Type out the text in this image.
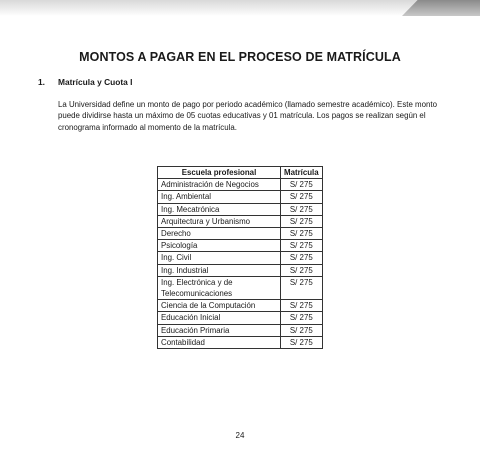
MONTOS A PAGAR EN EL PROCESO DE MATRÍCULA
1. Matrícula y Cuota I
La Universidad define un monto de pago por periodo académico (llamado semestre académico). Este monto puede dividirse hasta un máximo de 05 cuotas educativas y 01 matrícula. Los pagos se realizan según el cronograma informado al momento de la matrícula.
Escuela profesional	Matrícula
Administración de Negocios	S/ 275
Ing. Ambiental	S/ 275
Ing. Mecatrónica	S/ 275
Arquitectura y Urbanismo	S/ 275
Derecho	S/ 275
Psicología	S/ 275
Ing. Civil	S/ 275
Ing. Industrial	S/ 275
Ing. Electrónica y de Telecomunicaciones	S/ 275
Ciencia de la Computación	S/ 275
Educación Inicial	S/ 275
Educación Primaria	S/ 275
Contabilidad	S/ 275
24
